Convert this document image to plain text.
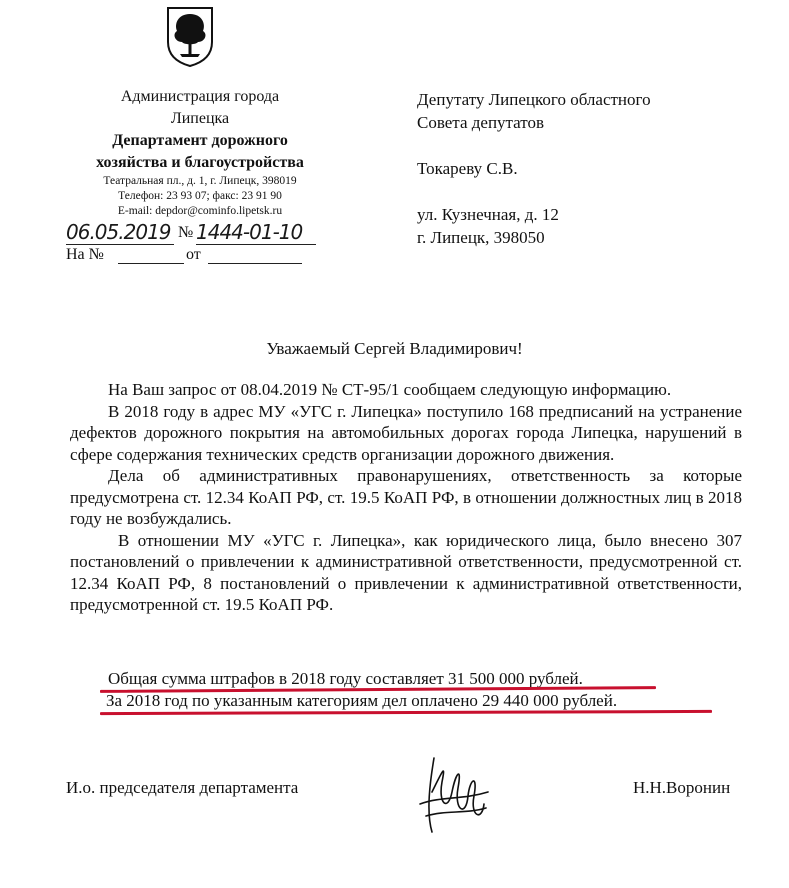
Администрация города
Липецка
Департамент дорожного
хозяйства и благоустройства
Театральная пл., д. 1, г. Липецк, 398019
Телефон: 23 93 07; факс: 23 91 90
E-mail: depdor@cominfo.lipetsk.ru
06.05.2019 № 1444-01-10
На №	от
Депутату Липецкого областного
Совета депутатов
Токареву С.В.
ул. Кузнечная, д. 12
г. Липецк, 398050
Уважаемый Сергей Владимирович!

На Ваш запрос от 08.04.2019 № СТ-95/1 сообщаем следующую информацию.

В 2018 году в адрес МУ «УГС г. Липецка» поступило 168 предписаний на устранение дефектов дорожного покрытия на автомобильных дорогах города Липецка, нарушений в сфере содержания технических средств организации дорожного движения.

Дела об административных правонарушениях, ответственность за которые предусмотрена ст. 12.34 КоАП РФ, ст. 19.5 КоАП РФ, в отношении должностных лиц в 2018 году не возбуждались.

В отношении МУ «УГС г. Липецка», как юридического лица, было внесено 307 постановлений о привлечении к административной ответственности, предусмотренной ст. 12.34 КоАП РФ, 8 постановлений о привлечении к административной ответственности, предусмотренной ст. 19.5 КоАП РФ.

Общая сумма штрафов в 2018 году составляет 31 500 000 рублей.
За 2018 год по указанным категориям дел оплачено 29 440 000 рублей.
И.о. председателя департамента	Н.Н.Воронин
